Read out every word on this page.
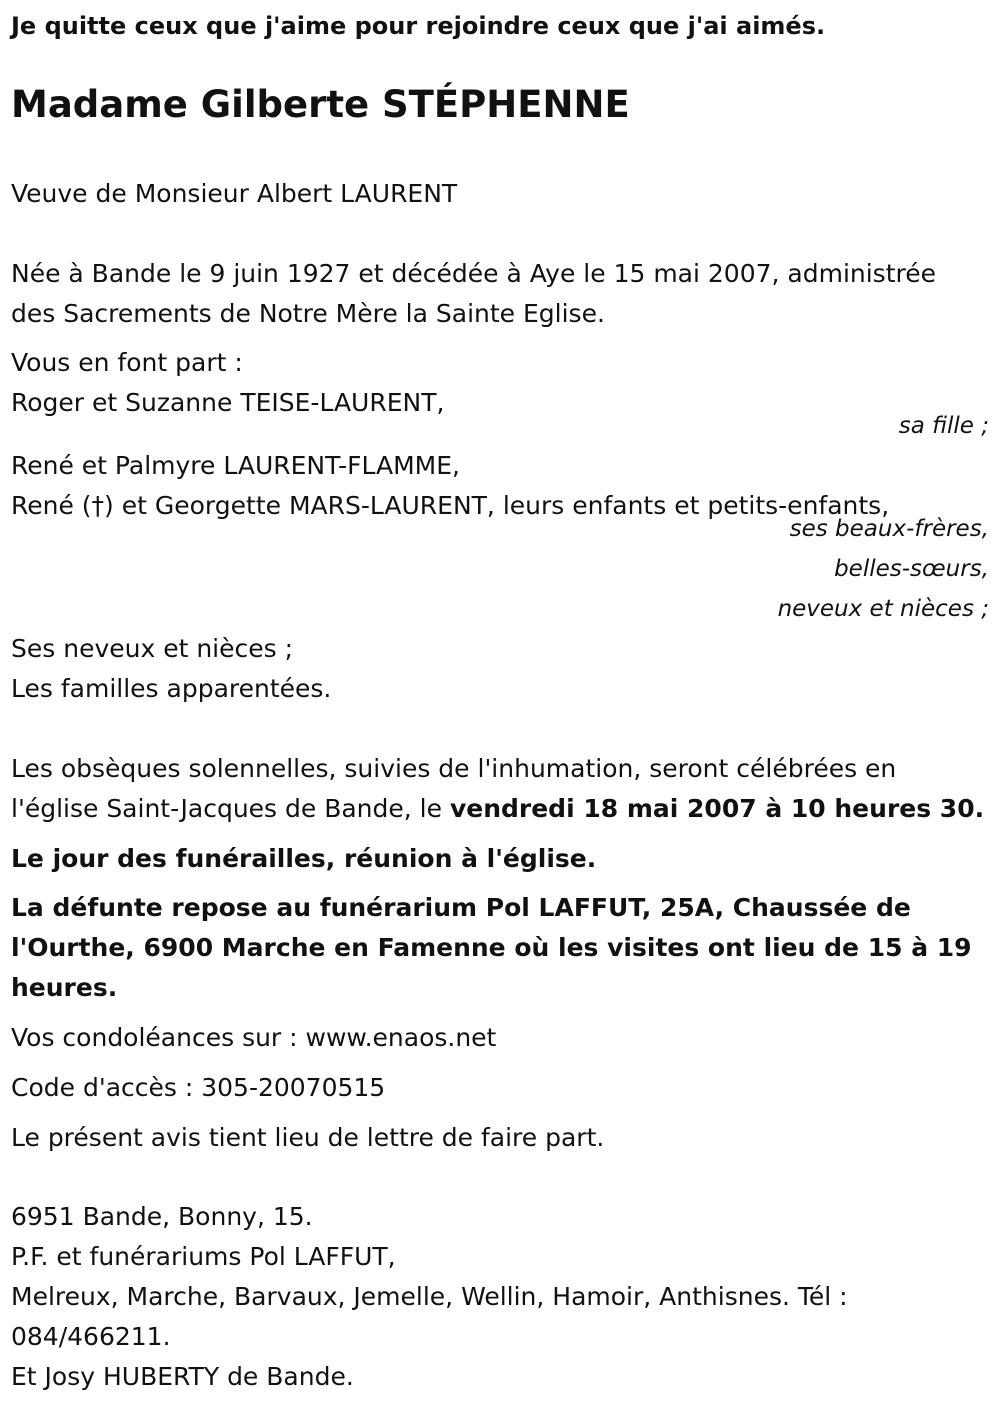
Je quitte ceux que j'aime pour rejoindre ceux que j'ai aimés.

Madame Gilberte STÉPHENNE

Veuve de Monsieur Albert LAURENT

Née à Bande le 9 juin 1927 et décédée à Aye le 15 mai 2007, administrée

des Sacrements de Notre Mère la Sainte Eglise.

Vous en font part :

Roger et Suzanne TEISE-LAURENT,

sa fille ;

René et Palmyre LAURENT-FLAMME,

René (†) et Georgette MARS-LAURENT, leurs enfants et petits-enfants,

ses beaux-frères,

belles-sœurs,

neveux et nièces ;

Ses neveux et nièces ;

Les familles apparentées.

Les obsèques solennelles, suivies de l'inhumation, seront célébrées en

l'église Saint-Jacques de Bande, le vendredi 18 mai 2007 à 10 heures 30.

Le jour des funérailles, réunion à l'église.

La défunte repose au funérarium Pol LAFFUT, 25A, Chaussée de

l'Ourthe, 6900 Marche en Famenne où les visites ont lieu de 15 à 19

heures.

Vos condoléances sur : www.enaos.net

Code d'accès : 305-20070515

Le présent avis tient lieu de lettre de faire part.

6951 Bande, Bonny, 15.

P.F. et funérariums Pol LAFFUT,

Melreux, Marche, Barvaux, Jemelle, Wellin, Hamoir, Anthisnes. Tél :

084/466211.

Et Josy HUBERTY de Bande.
